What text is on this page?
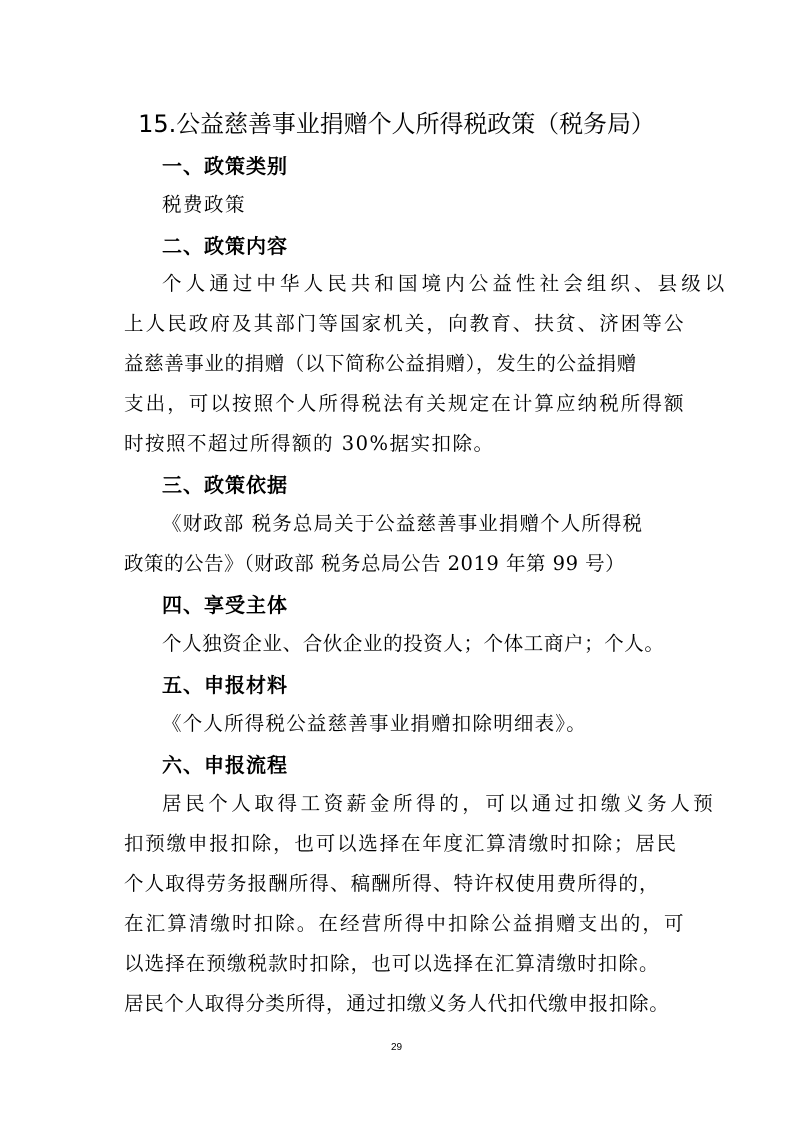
15.公益慈善事业捐赠个人所得税政策（税务局）
一、政策类别
税费政策
二、政策内容
个人通过中华人民共和国境内公益性社会组织、县级以
上人民政府及其部门等国家机关，向教育、扶贫、济困等公
益慈善事业的捐赠（以下简称公益捐赠），发生的公益捐赠
支出，可以按照个人所得税法有关规定在计算应纳税所得额
时按照不超过所得额的 30%据实扣除。
三、政策依据
《财政部 税务总局关于公益慈善事业捐赠个人所得税
政策的公告》（财政部 税务总局公告 2019 年第 99 号）
四、享受主体
个人独资企业、合伙企业的投资人；个体工商户；个人。
五、申报材料
《个人所得税公益慈善事业捐赠扣除明细表》。
六、申报流程
居民个人取得工资薪金所得的，可以通过扣缴义务人预
扣预缴申报扣除，也可以选择在年度汇算清缴时扣除；居民
个人取得劳务报酬所得、稿酬所得、特许权使用费所得的，
在汇算清缴时扣除。在经营所得中扣除公益捐赠支出的，可
以选择在预缴税款时扣除，也可以选择在汇算清缴时扣除。
居民个人取得分类所得，通过扣缴义务人代扣代缴申报扣除。
29
